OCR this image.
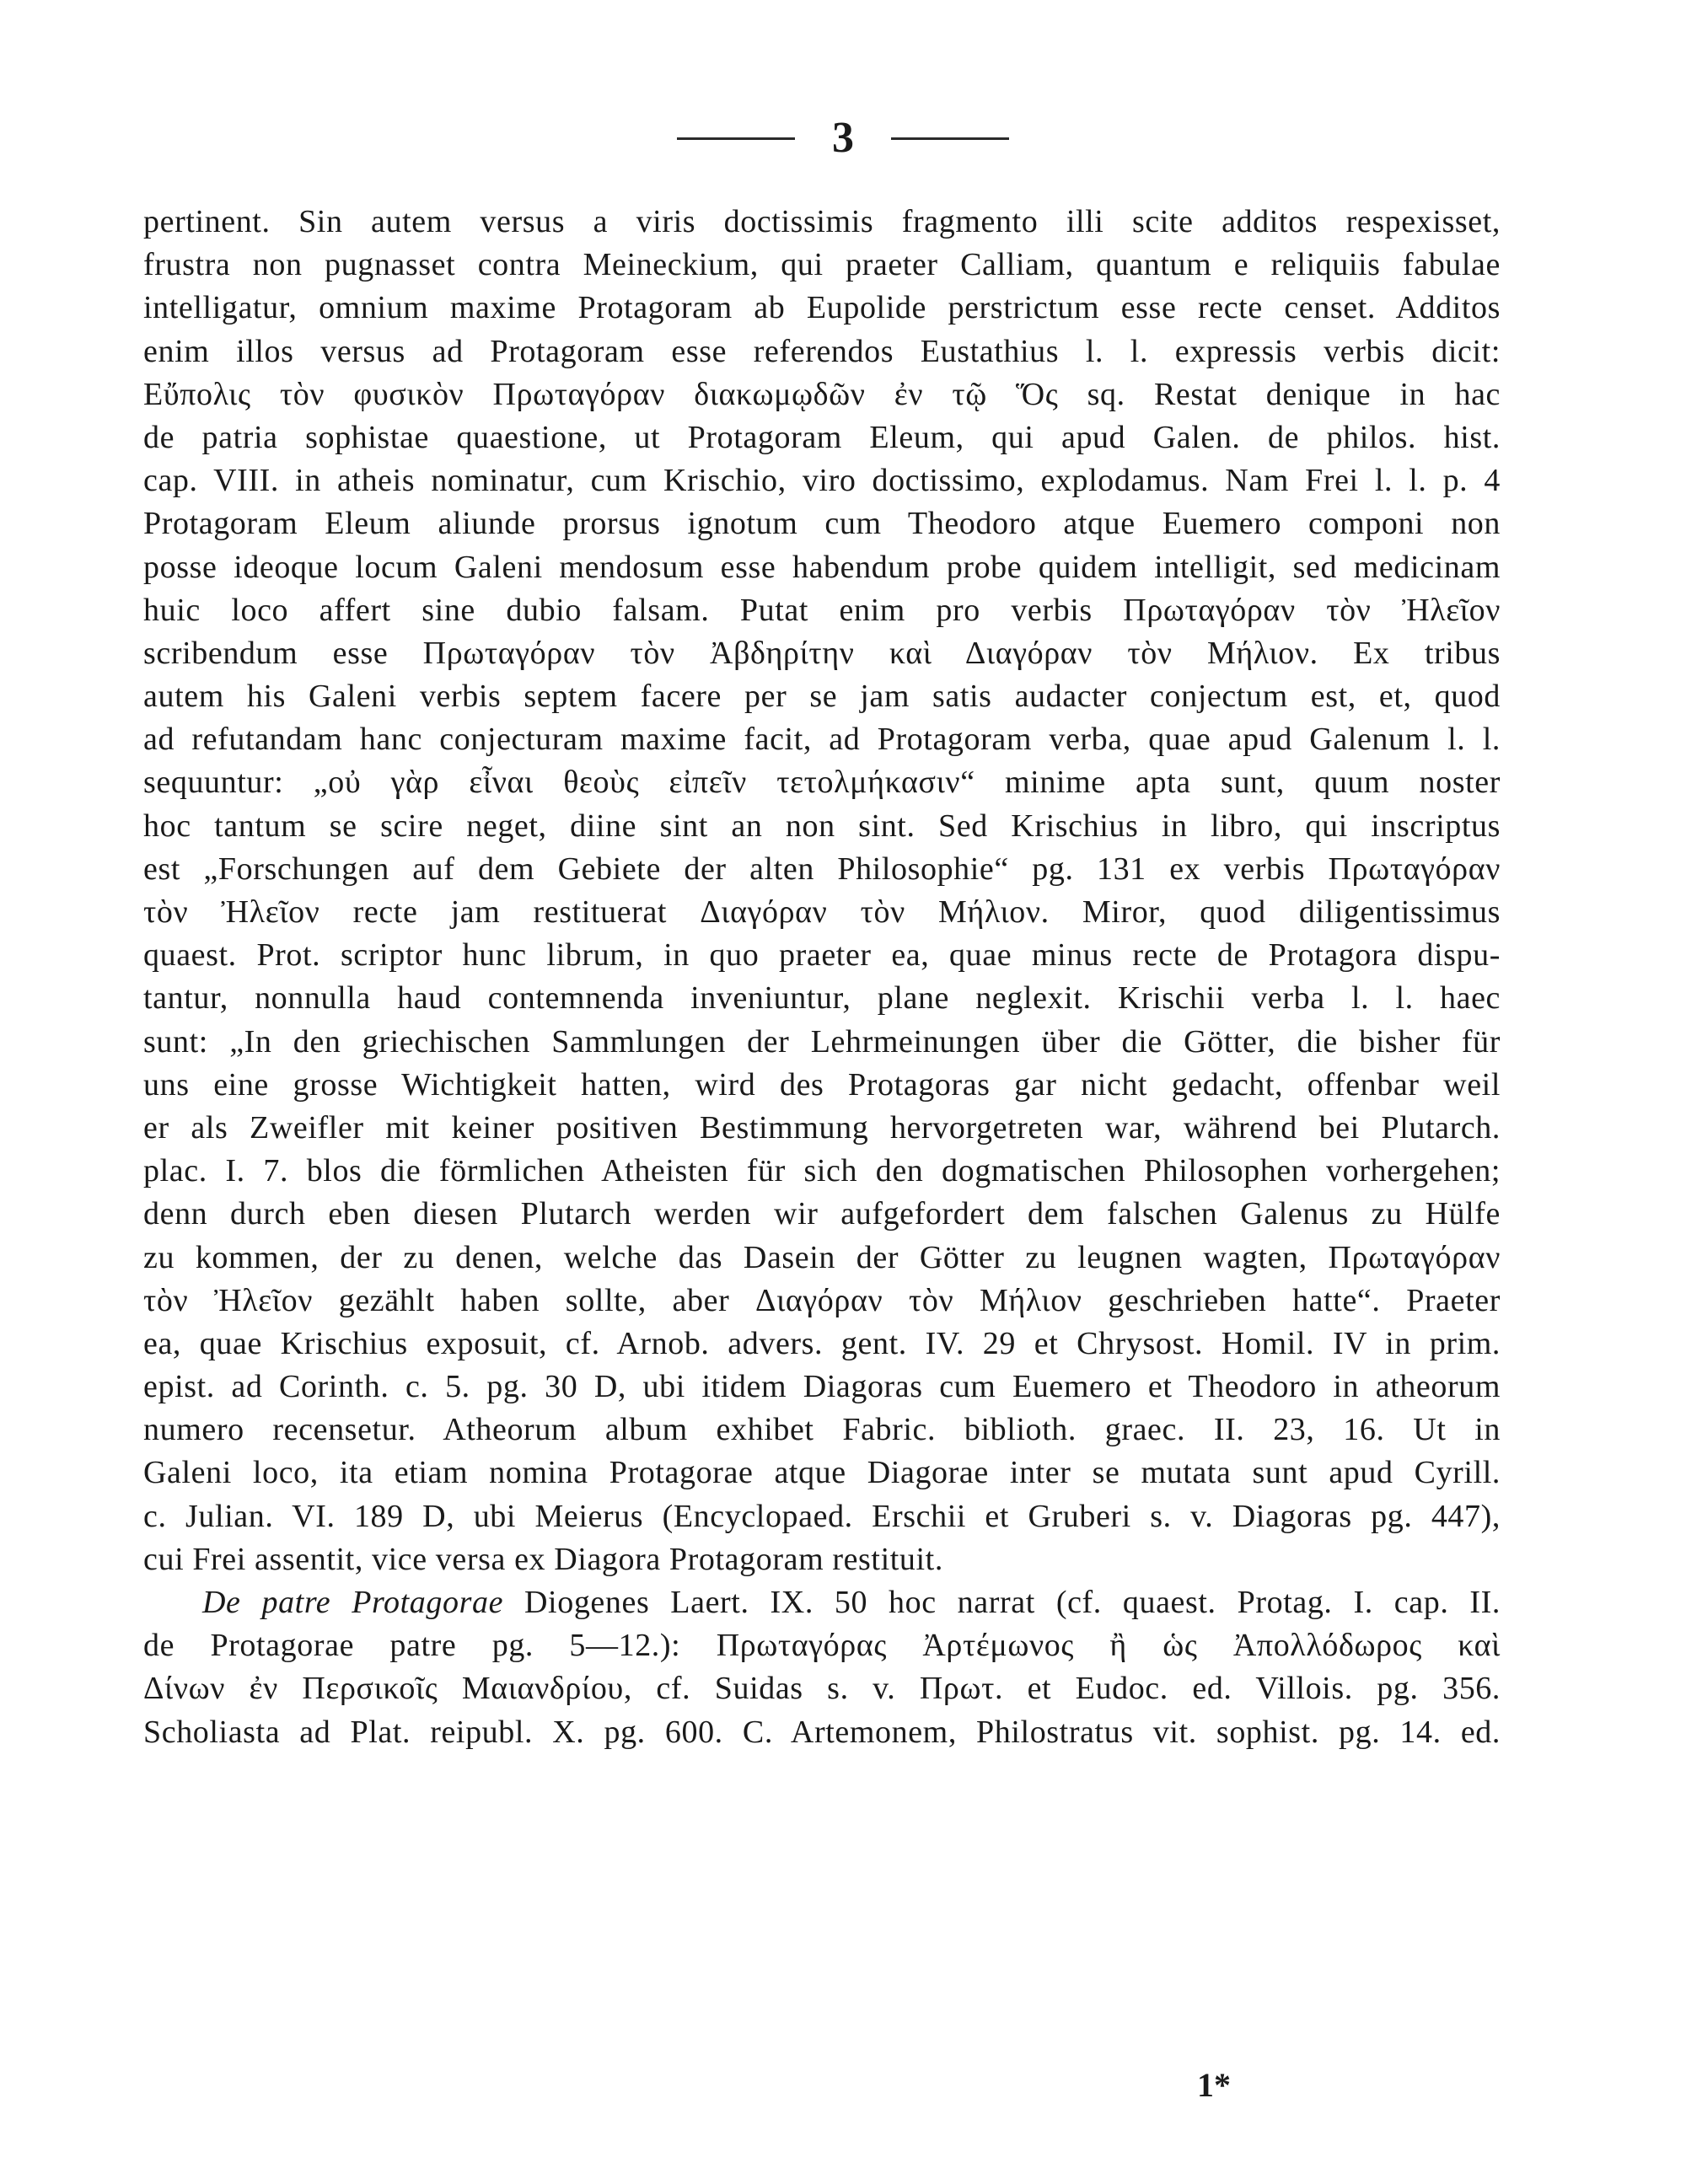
3
pertinent. Sin autem versus a viris doctissimis fragmento illi scite additos respexisset,
frustra non pugnasset contra Meineckium, qui praeter Calliam, quantum e reliquiis fabulae
intelligatur, omnium maxime Protagoram ab Eupolide perstrictum esse recte censet. Additos
enim illos versus ad Protagoram esse referendos Eustathius l. l. expressis verbis dicit:
Εὔπολις τὸν φυσικὸν Πρωταγόραν διακωμῳδῶν ἐν τῷ Ὅς sq. Restat denique in hac
de patria sophistae quaestione, ut Protagoram Eleum, qui apud Galen. de philos. hist.
cap. VIII. in atheis nominatur, cum Krischio, viro doctissimo, explodamus. Nam Frei l. l. p. 4
Protagoram Eleum aliunde prorsus ignotum cum Theodoro atque Euemero componi non
posse ideoque locum Galeni mendosum esse habendum probe quidem intelligit, sed medicinam
huic loco affert sine dubio falsam. Putat enim pro verbis Πρωταγόραν τὸν Ἠλεῖον
scribendum esse Πρωταγόραν τὸν Ἀβδηρίτην καὶ Διαγόραν τὸν Μήλιον. Ex tribus
autem his Galeni verbis septem facere per se jam satis audacter conjectum est, et, quod
ad refutandam hanc conjecturam maxime facit, ad Protagoram verba, quae apud Galenum l. l.
sequuntur: „οὐ γὰρ εἶναι θεοὺς εἰπεῖν τετολμήκασιν“ minime apta sunt, quum noster
hoc tantum se scire neget, diine sint an non sint. Sed Krischius in libro, qui inscriptus
est „Forschungen auf dem Gebiete der alten Philosophie“ pg. 131 ex verbis Πρωταγόραν
τὸν Ἠλεῖον recte jam restituerat Διαγόραν τὸν Μήλιον. Miror, quod diligentissimus
quaest. Prot. scriptor hunc librum, in quo praeter ea, quae minus recte de Protagora dispu-
tantur, nonnulla haud contemnenda inveniuntur, plane neglexit. Krischii verba l. l. haec
sunt: „In den griechischen Sammlungen der Lehrmeinungen über die Götter, die bisher für
uns eine grosse Wichtigkeit hatten, wird des Protagoras gar nicht gedacht, offenbar weil
er als Zweifler mit keiner positiven Bestimmung hervorgetreten war, während bei Plutarch.
plac. I. 7. blos die förmlichen Atheisten für sich den dogmatischen Philosophen vorhergehen;
denn durch eben diesen Plutarch werden wir aufgefordert dem falschen Galenus zu Hülfe
zu kommen, der zu denen, welche das Dasein der Götter zu leugnen wagten, Πρωταγόραν
τὸν Ἠλεῖον gezählt haben sollte, aber Διαγόραν τὸν Μήλιον geschrieben hatte“. Praeter
ea, quae Krischius exposuit, cf. Arnob. advers. gent. IV. 29 et Chrysost. Homil. IV in prim.
epist. ad Corinth. c. 5. pg. 30 D, ubi itidem Diagoras cum Euemero et Theodoro in atheorum
numero recensetur. Atheorum album exhibet Fabric. biblioth. graec. II. 23, 16. Ut in
Galeni loco, ita etiam nomina Protagorae atque Diagorae inter se mutata sunt apud Cyrill.
c. Julian. VI. 189 D, ubi Meierus (Encyclopaed. Erschii et Gruberi s. v. Diagoras pg. 447),
cui Frei assentit, vice versa ex Diagora Protagoram restituit.
De patre Protagorae Diogenes Laert. IX. 50 hoc narrat (cf. quaest. Protag. I. cap. II.
de Protagorae patre pg. 5—12.): Πρωταγόρας Ἀρτέμωνος ἢ ὡς Ἀπολλόδωρος καὶ
Δίνων ἐν Περσικοῖς Μαιανδρίου, cf. Suidas s. v. Πρωτ. et Eudoc. ed. Villois. pg. 356.
Scholiasta ad Plat. reipubl. X. pg. 600. C. Artemonem, Philostratus vit. sophist. pg. 14. ed.
1*
